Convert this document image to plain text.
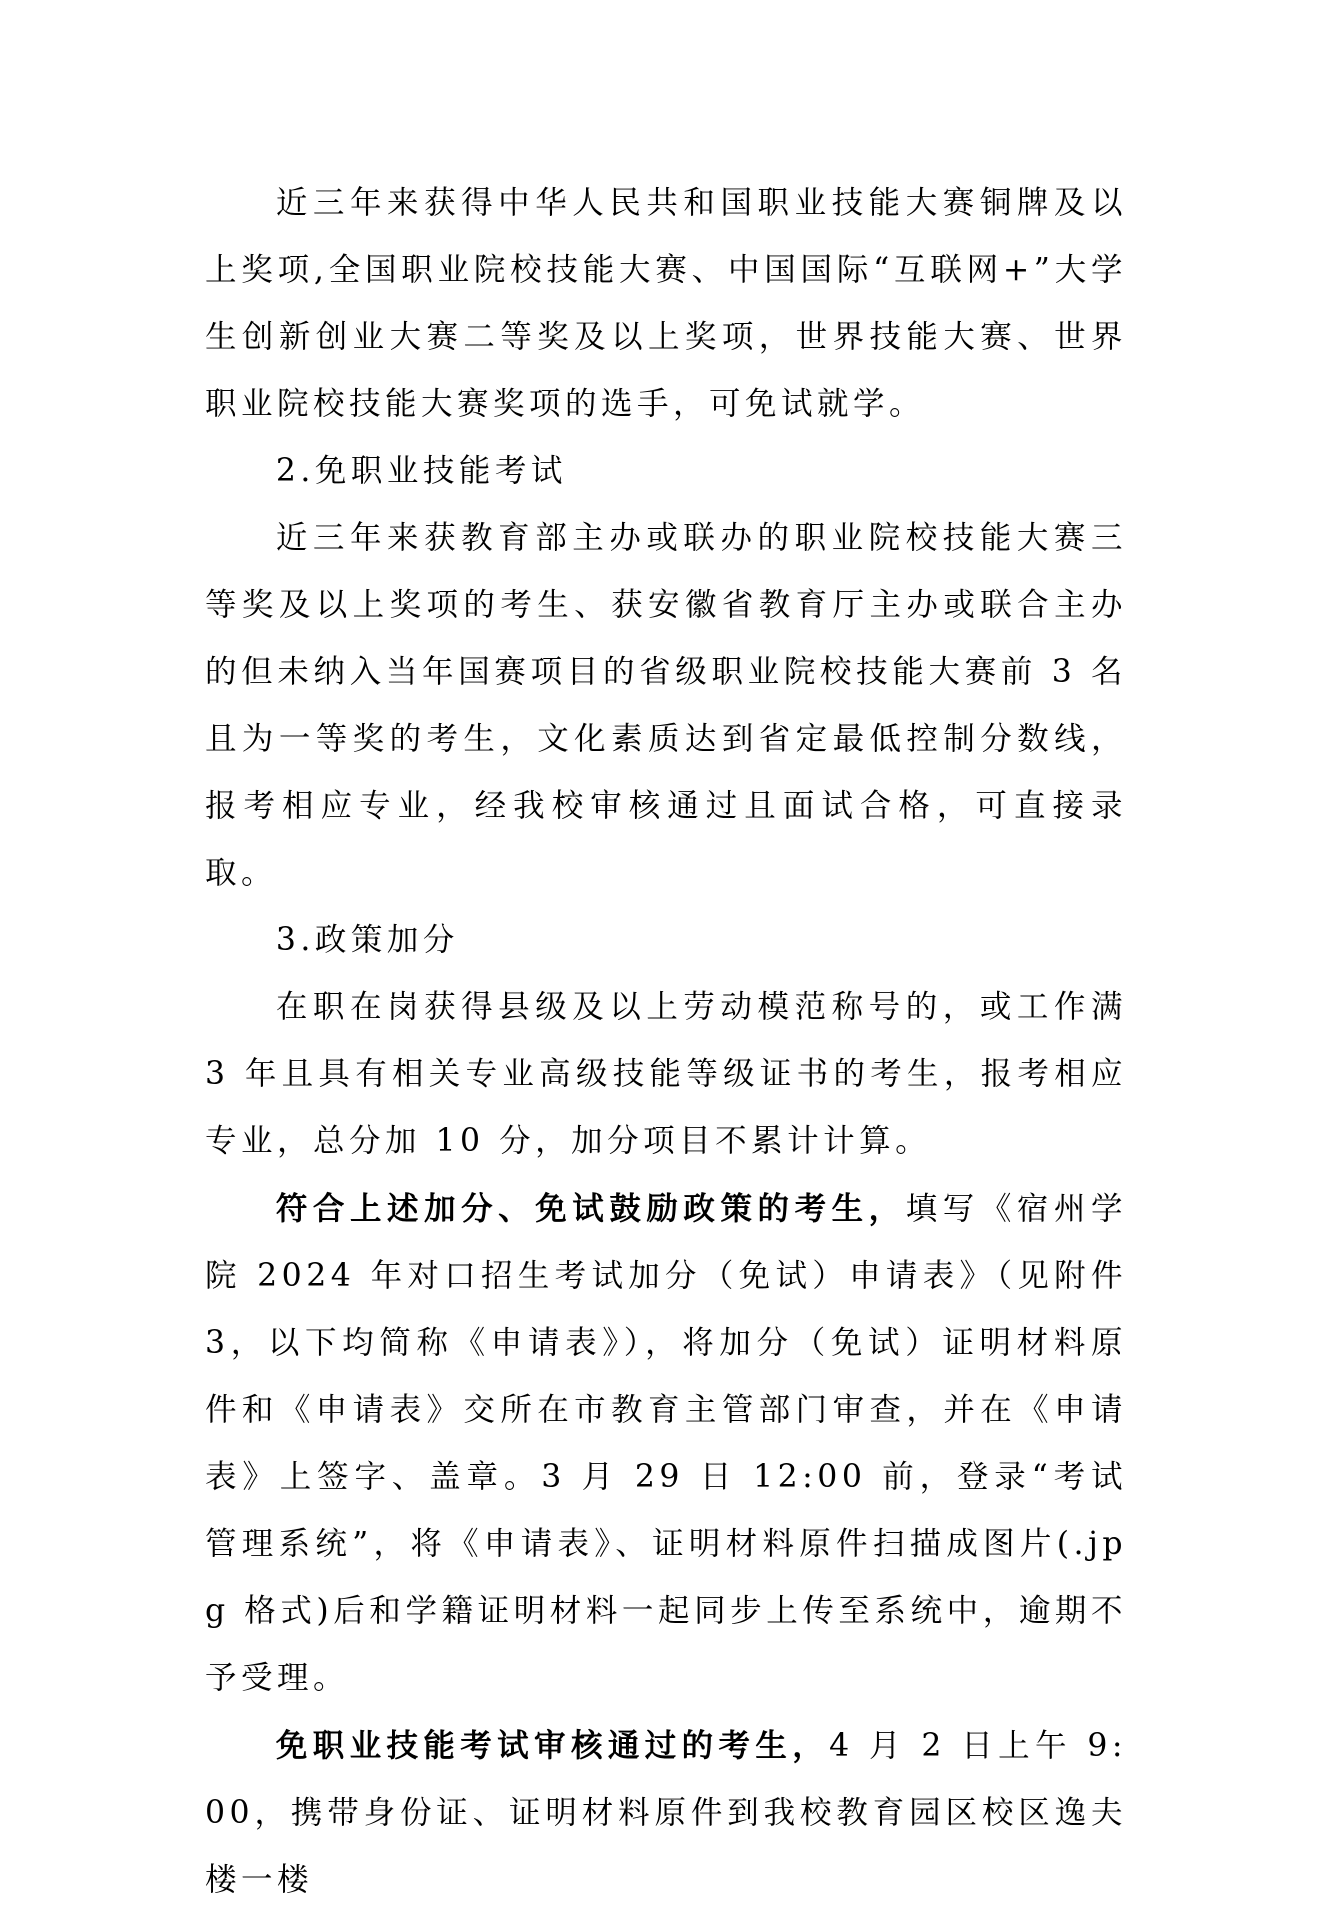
近三年来获得中华人民共和国职业技能大赛铜牌及以上奖项,全国职业院校技能大赛、中国国际“互联网+”大学生创新创业大赛二等奖及以上奖项，世界技能大赛、世界职业院校技能大赛奖项的选手，可免试就学。

2.免职业技能考试

近三年来获教育部主办或联办的职业院校技能大赛三等奖及以上奖项的考生、获安徽省教育厅主办或联合主办的但未纳入当年国赛项目的省级职业院校技能大赛前 3 名且为一等奖的考生，文化素质达到省定最低控制分数线，报考相应专业，经我校审核通过且面试合格，可直接录取。

3.政策加分

在职在岗获得县级及以上劳动模范称号的，或工作满 3 年且具有相关专业高级技能等级证书的考生，报考相应专业，总分加 10 分，加分项目不累计计算。

符合上述加分、免试鼓励政策的考生，填写《宿州学院 2024 年对口招生考试加分（免试）申请表》（见附件 3，以下均简称《申请表》），将加分（免试）证明材料原件和《申请表》交所在市教育主管部门审查，并在《申请表》上签字、盖章。3 月 29 日 12:00 前，登录“考试管理系统”，将《申请表》、证明材料原件扫描成图片(.jpg 格式)后和学籍证明材料一起同步上传至系统中，逾期不予受理。

免职业技能考试审核通过的考生，4 月 2 日上午 9:00，携带身份证、证明材料原件到我校教育园区校区逸夫楼一楼
